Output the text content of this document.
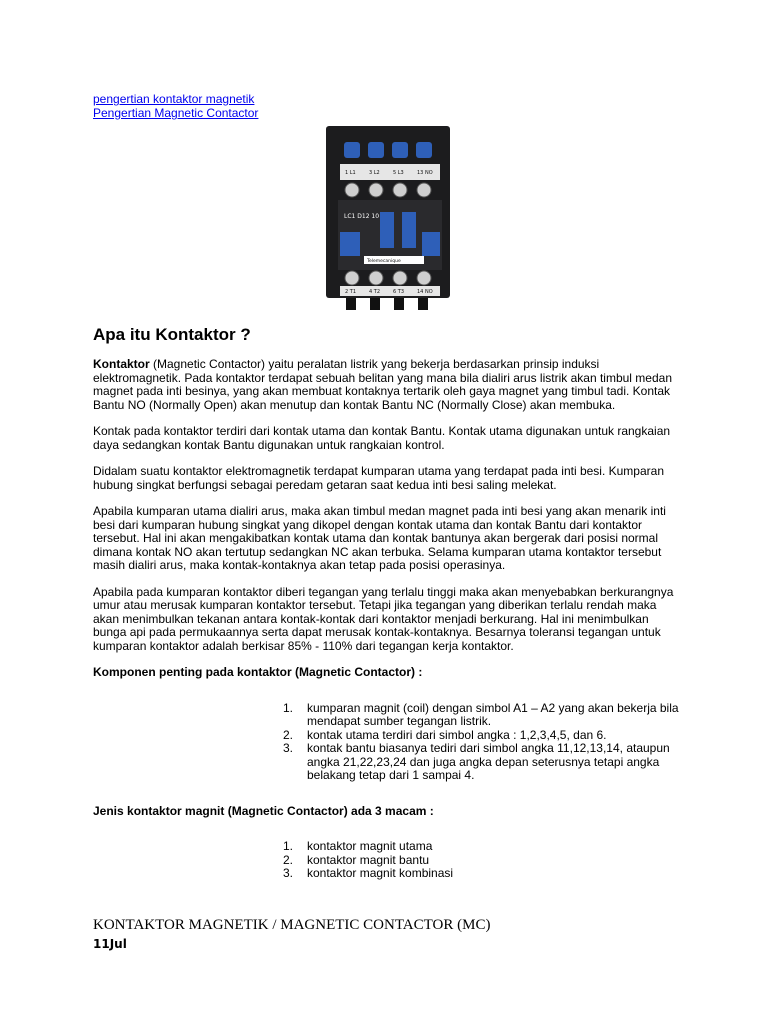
pengertian kontaktor magnetik
Pengertian Magnetic Contactor
1 L1	3 L2	5 L3	13 NO
LC1 D12 10
Telemecanique
2 T1	4 T2	6 T3	14 NO
Apa itu Kontaktor ?

Kontaktor (Magnetic Contactor) yaitu peralatan listrik yang bekerja berdasarkan prinsip induksi elektromagnetik. Pada kontaktor terdapat sebuah belitan yang mana bila dialiri arus listrik akan timbul medan magnet pada inti besinya, yang akan membuat kontaknya tertarik oleh gaya magnet yang timbul tadi. Kontak Bantu NO (Normally Open) akan menutup dan kontak Bantu NC (Normally Close) akan membuka.

Kontak pada kontaktor terdiri dari kontak utama dan kontak Bantu. Kontak utama digunakan untuk rangkaian daya sedangkan kontak Bantu digunakan untuk rangkaian kontrol.

Didalam suatu kontaktor elektromagnetik terdapat kumparan utama yang terdapat pada inti besi. Kumparan hubung singkat berfungsi sebagai peredam getaran saat kedua inti besi saling melekat.

Apabila kumparan utama dialiri arus, maka akan timbul medan magnet pada inti besi yang akan menarik inti besi dari kumparan hubung singkat yang dikopel dengan kontak utama dan kontak Bantu dari kontaktor tersebut. Hal ini akan mengakibatkan kontak utama dan kontak bantunya akan bergerak dari posisi normal dimana kontak NO akan tertutup sedangkan NC akan terbuka. Selama kumparan utama kontaktor tersebut masih dialiri arus, maka kontak-kontaknya akan tetap pada posisi operasinya.

Apabila pada kumparan kontaktor diberi tegangan yang terlalu tinggi maka akan menyebabkan berkurangnya umur atau merusak kumparan kontaktor tersebut. Tetapi jika tegangan yang diberikan terlalu rendah maka akan menimbulkan tekanan antara kontak-kontak dari kontaktor menjadi berkurang. Hal ini menimbulkan bunga api pada permukaannya serta dapat merusak kontak-kontaknya. Besarnya toleransi tegangan untuk kumparan kontaktor adalah berkisar 85% - 110% dari tegangan kerja kontaktor.

Komponen penting pada kontaktor (Magnetic Contactor) :
1. kumparan magnit (coil) dengan simbol A1 – A2 yang akan bekerja bila mendapat sumber tegangan listrik.
2. kontak utama terdiri dari simbol angka : 1,2,3,4,5, dan 6.
3. kontak bantu biasanya tediri dari simbol angka 11,12,13,14, ataupun angka 21,22,23,24 dan juga angka depan seterusnya tetapi angka belakang tetap dari 1 sampai 4.
Jenis kontaktor magnit (Magnetic Contactor) ada 3 macam :
1. kontaktor magnit utama
2. kontaktor magnit bantu
3. kontaktor magnit kombinasi
KONTAKTOR MAGNETIK / MAGNETIC CONTACTOR (MC)
11Jul
